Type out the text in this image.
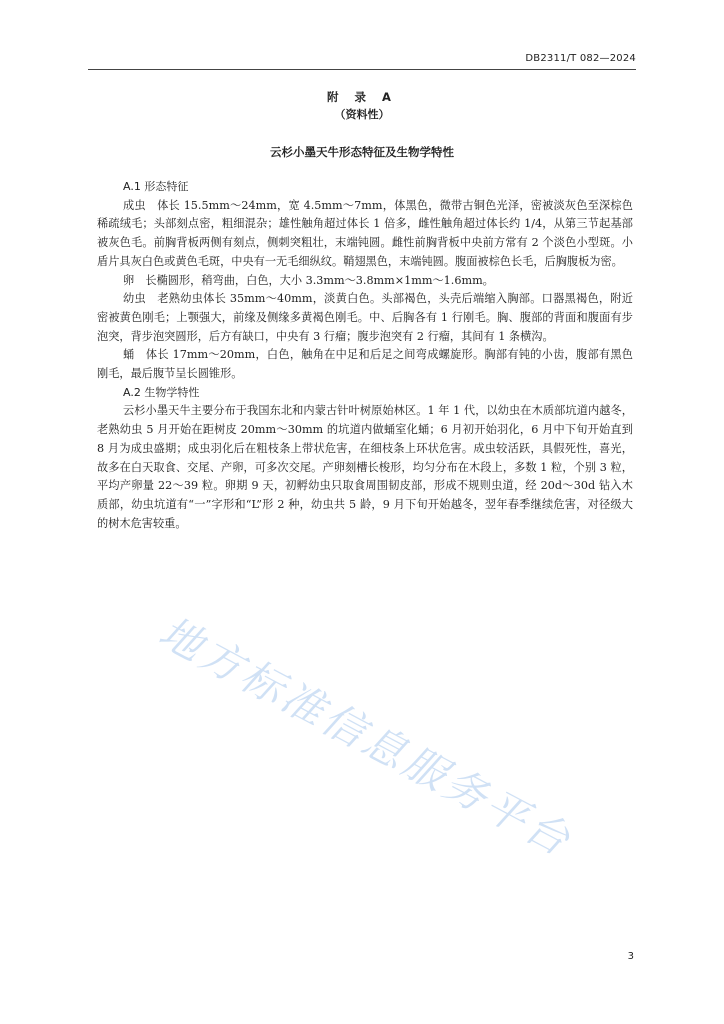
DB2311/T 082—2024
附 录 A
（资料性）
云杉小墨天牛形态特征及生物学特性

A.1 形态特征

成虫  体长 15.5mm～24mm，宽 4.5mm～7mm，体黑色，微带古铜色光泽，密被淡灰色至深棕色稀疏绒毛；头部刻点密，粗细混杂；雄性触角超过体长 1 倍多，雌性触角超过体长约 1/4，从第三节起基部被灰色毛。前胸背板两侧有刻点，侧刺突粗壮，末端钝圆。雌性前胸背板中央前方常有 2 个淡色小型斑。小盾片具灰白色或黄色毛斑，中央有一无毛细纵纹。鞘翅黑色，末端钝圆。腹面被棕色长毛，后胸腹板为密。

卵  长椭圆形，稍弯曲，白色，大小 3.3mm～3.8mm×1mm～1.6mm。

幼虫  老熟幼虫体长 35mm～40mm，淡黄白色。头部褐色，头壳后端缩入胸部。口器黑褐色，附近密被黄色刚毛；上颚强大，前缘及侧缘多黄褐色刚毛。中、后胸各有 1 行刚毛。胸、腹部的背面和腹面有步泡突，背步泡突圆形，后方有缺口，中央有 3 行瘤；腹步泡突有 2 行瘤，其间有 1 条横沟。

蛹  体长 17mm～20mm，白色，触角在中足和后足之间弯成螺旋形。胸部有钝的小齿，腹部有黑色刚毛，最后腹节呈长圆锥形。

A.2 生物学特性

云杉小墨天牛主要分布于我国东北和内蒙古针叶树原始林区。1 年 1 代，以幼虫在木质部坑道内越冬，老熟幼虫 5 月开始在距树皮 20mm～30mm 的坑道内做蛹室化蛹；6 月初开始羽化，6 月中下旬开始直到 8 月为成虫盛期；成虫羽化后在粗枝条上带状危害，在细枝条上环状危害。成虫较活跃，具假死性，喜光，故多在白天取食、交尾、产卵，可多次交尾。产卵刻槽长梭形，均匀分布在木段上，多数 1 粒，个别 3 粒，平均产卵量 22～39 粒。卵期 9 天，初孵幼虫只取食周围韧皮部，形成不规则虫道，经 20d～30d 钻入木质部，幼虫坑道有“一”字形和“L”形 2 种，幼虫共 5 龄，9 月下旬开始越冬，翌年春季继续危害，对径级大的树木危害较重。

地方标准信息服务平台
3
